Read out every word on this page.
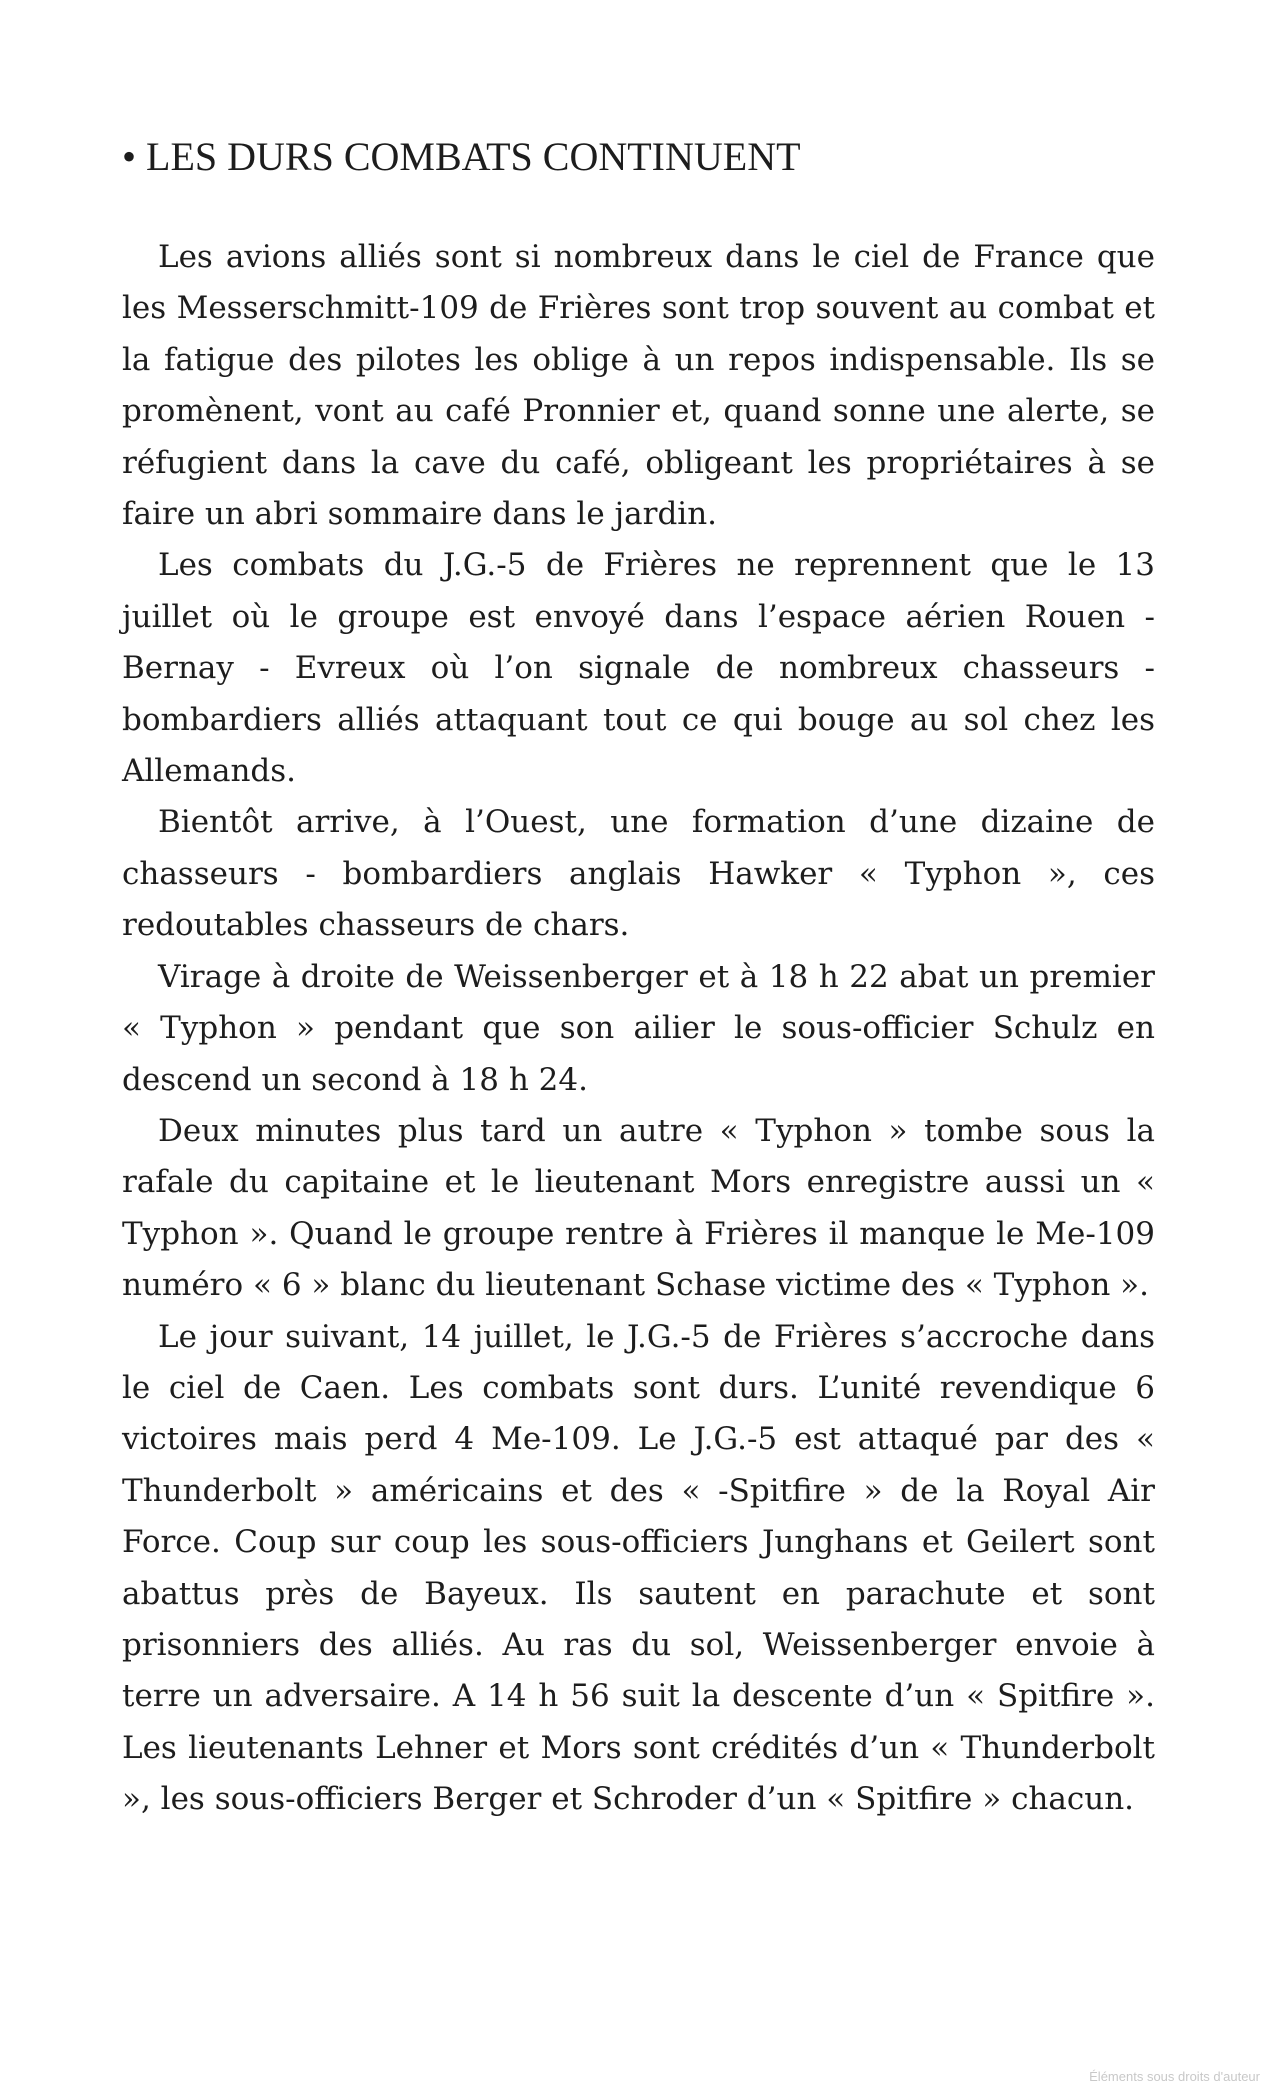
• LES DURS COMBATS CONTINUENT

Les avions alliés sont si nombreux dans le ciel de France que les Messerschmitt-109 de Frières sont trop souvent au combat et la fatigue des pilotes les oblige à un repos indispensable. Ils se promènent, vont au café Pronnier et, quand sonne une alerte, se réfugient dans la cave du café, obligeant les propriétaires à se faire un abri sommaire dans le jardin.

Les combats du J.G.-5 de Frières ne reprennent que le 13 juillet où le groupe est envoyé dans l’espace aérien Rouen - Bernay - Evreux où l’on signale de nombreux chasseurs - bombardiers alliés attaquant tout ce qui bouge au sol chez les Allemands.

Bientôt arrive, à l’Ouest, une formation d’une dizaine de chasseurs - bombardiers anglais Hawker « Typhon », ces redoutables chasseurs de chars.

Virage à droite de Weissenberger et à 18 h 22 abat un premier « Typhon » pendant que son ailier le sous-officier Schulz en descend un second à 18 h 24.

Deux minutes plus tard un autre « Typhon » tombe sous la rafale du capitaine et le lieutenant Mors enregistre aussi un « Typhon ». Quand le groupe rentre à Frières il manque le Me-109 numéro « 6 » blanc du lieutenant Schase victime des « Typhon ».

Le jour suivant, 14 juillet, le J.G.-5 de Frières s’accroche dans le ciel de Caen. Les combats sont durs. L’unité revendique 6 victoires mais perd 4 Me-109. Le J.G.-5 est attaqué par des « Thunderbolt » américains et des « -Spitfire » de la Royal Air Force. Coup sur coup les sous-officiers Junghans et Geilert sont abattus près de Bayeux. Ils sautent en parachute et sont prisonniers des alliés. Au ras du sol, Weissenberger envoie à terre un adversaire. A 14 h 56 suit la descente d’un « Spitfire ». Les lieutenants Lehner et Mors sont crédités d’un « Thunderbolt », les sous-officiers Berger et Schroder d’un « Spitfire » chacun.

Éléments sous droits d'auteur
